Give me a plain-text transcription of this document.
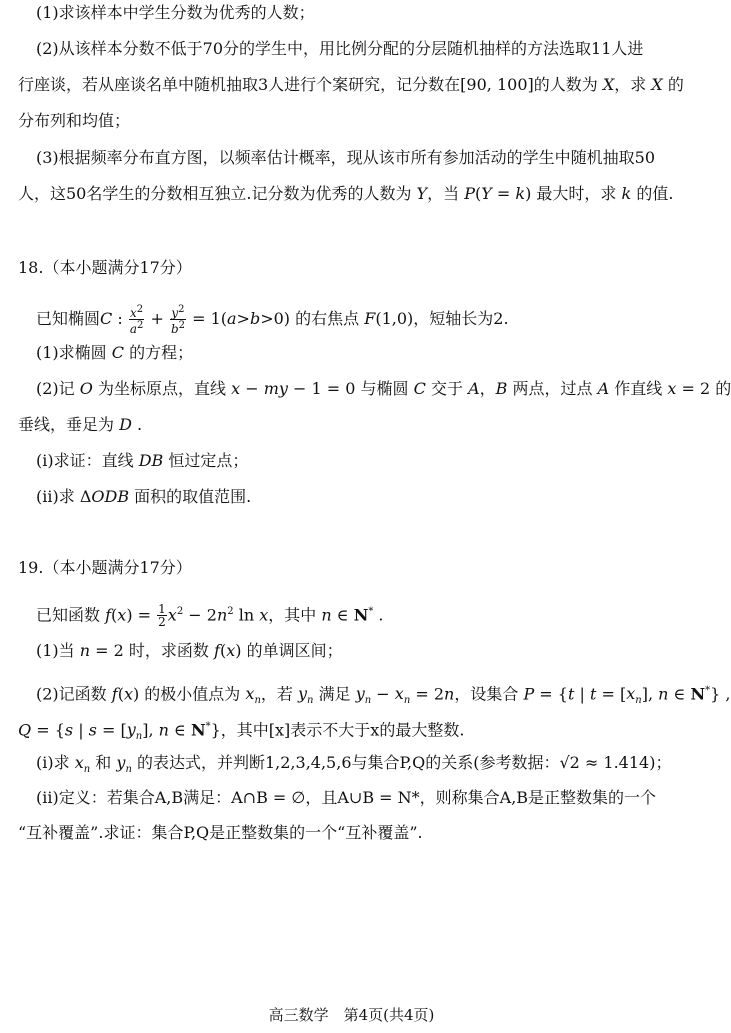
(1)求该样本中学生分数为优秀的人数；
(2)从该样本分数不低于70分的学生中，用比例分配的分层随机抽样的方法选取11人进
行座谈，若从座谈名单中随机抽取3人进行个案研究，记分数在[90, 100]的人数为 X，求 X 的
分布列和均值；
(3)根据频率分布直方图，以频率估计概率，现从该市所有参加活动的学生中随机抽取50
人，这50名学生的分数相互独立.记分数为优秀的人数为 Y，当 P(Y = k) 最大时，求 k 的值.
18.（本小题满分17分）
已知椭圆C : $\frac{x^2}{a^2} + \frac{y^2}{b^2} = 1(a>b>0)$ 的右焦点 F(1,0)，短轴长为2.
(1)求椭圆 C 的方程；
(2)记 O 为坐标原点，直线 x − my − 1 = 0 与椭圆 C 交于 A，B 两点，过点 A 作直线 x = 2 的
垂线，垂足为 D .
(ⅰ)求证：直线 DB 恒过定点；
(ⅱ)求 ΔODB 面积的取值范围.
19.（本小题满分17分）
已知函数 $f(x) = \frac{1}{2} x^2 - 2n^2$ ln x，其中 n ∈ N* .
(1)当 n = 2 时，求函数 f(x) 的单调区间；
(2)记函数 f(x) 的极小值点为 $x_n$，若 $y_n$ 满足 $y_n - x_n = 2n$，设集合 P = {t | $t = [x_n]$, n ∈ N*} ,
Q = {s | $s = [y_n]$, n ∈ N*}，其中[x]表示不大于x的最大整数.
(ⅰ)求 $x_n$ 和 $y_n$ 的表达式，并判断1,2,3,4,5,6与集合P,Q的关系(参考数据：√2 ≈ 1.414)；
(ⅱ)定义：若集合A,B满足：A∩B = ∅，且A∪B = N*，则称集合A,B是正整数集的一个
“互补覆盖”.求证：集合P,Q是正整数集的一个“互补覆盖”.
高三数学　第4页(共4页)
